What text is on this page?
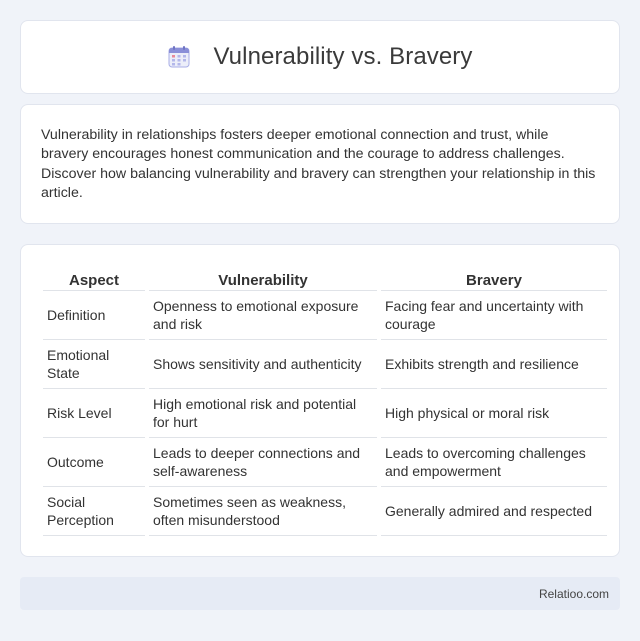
Vulnerability vs. Bravery

Vulnerability in relationships fosters deeper emotional connection and trust, while bravery encourages honest communication and the courage to address challenges. Discover how balancing vulnerability and bravery can strengthen your relationship in this article.

Aspect	Vulnerability	Bravery
Definition	Openness to emotional exposure and risk	Facing fear and uncertainty with courage
Emotional State	Shows sensitivity and authenticity	Exhibits strength and resilience
Risk Level	High emotional risk and potential for hurt	High physical or moral risk
Outcome	Leads to deeper connections and self-awareness	Leads to overcoming challenges and empowerment
Social Perception	Sometimes seen as weakness, often misunderstood	Generally admired and respected
Relatioo.com
